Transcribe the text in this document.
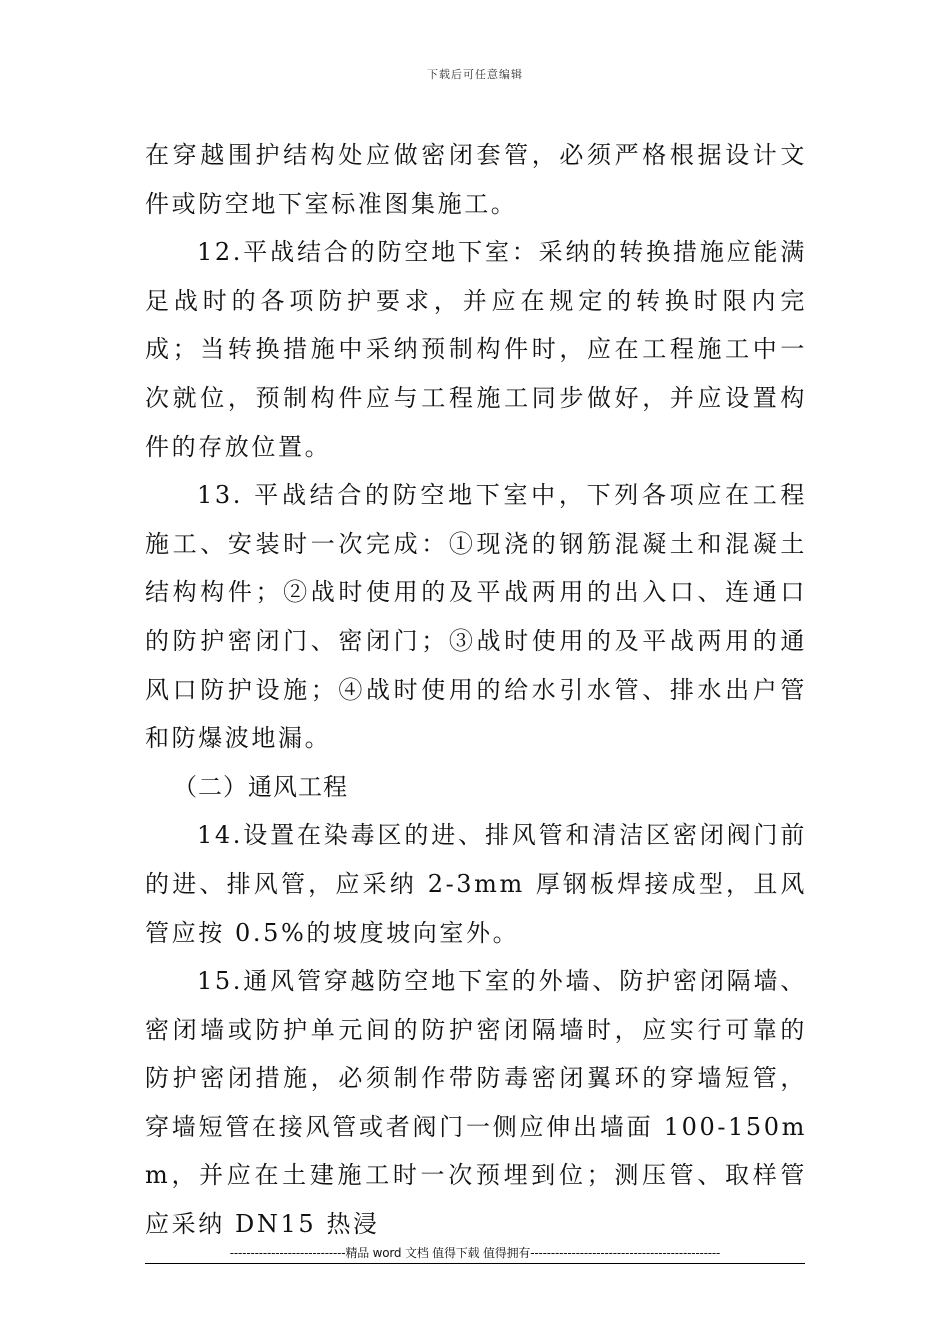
下载后可任意编辑

在穿越围护结构处应做密闭套管，必须严格根据设计文件或防空地下室标准图集施工。

12.平战结合的防空地下室：采纳的转换措施应能满足战时的各项防护要求，并应在规定的转换时限内完成；当转换措施中采纳预制构件时，应在工程施工中一次就位，预制构件应与工程施工同步做好，并应设置构件的存放位置。

13. 平战结合的防空地下室中，下列各项应在工程施工、安装时一次完成：①现浇的钢筋混凝土和混凝土结构构件；②战时使用的及平战两用的出入口、连通口的防护密闭门、密闭门；③战时使用的及平战两用的通风口防护设施；④战时使用的给水引水管、排水出户管和防爆波地漏。

（二）通风工程

14.设置在染毒区的进、排风管和清洁区密闭阀门前的进、排风管，应采纳 2-3mm 厚钢板焊接成型，且风管应按 0.5%的坡度坡向室外。

15.通风管穿越防空地下室的外墙、防护密闭隔墙、密闭墙或防护单元间的防护密闭隔墙时，应实行可靠的防护密闭措施，必须制作带防毒密闭翼环的穿墙短管，穿墙短管在接风管或者阀门一侧应伸出墙面 100-150mm，并应在土建施工时一次预埋到位；测压管、取样管应采纳 DN15 热浸

----------------------------精品 word 文档 值得下载 值得拥有----------------------------------------------
